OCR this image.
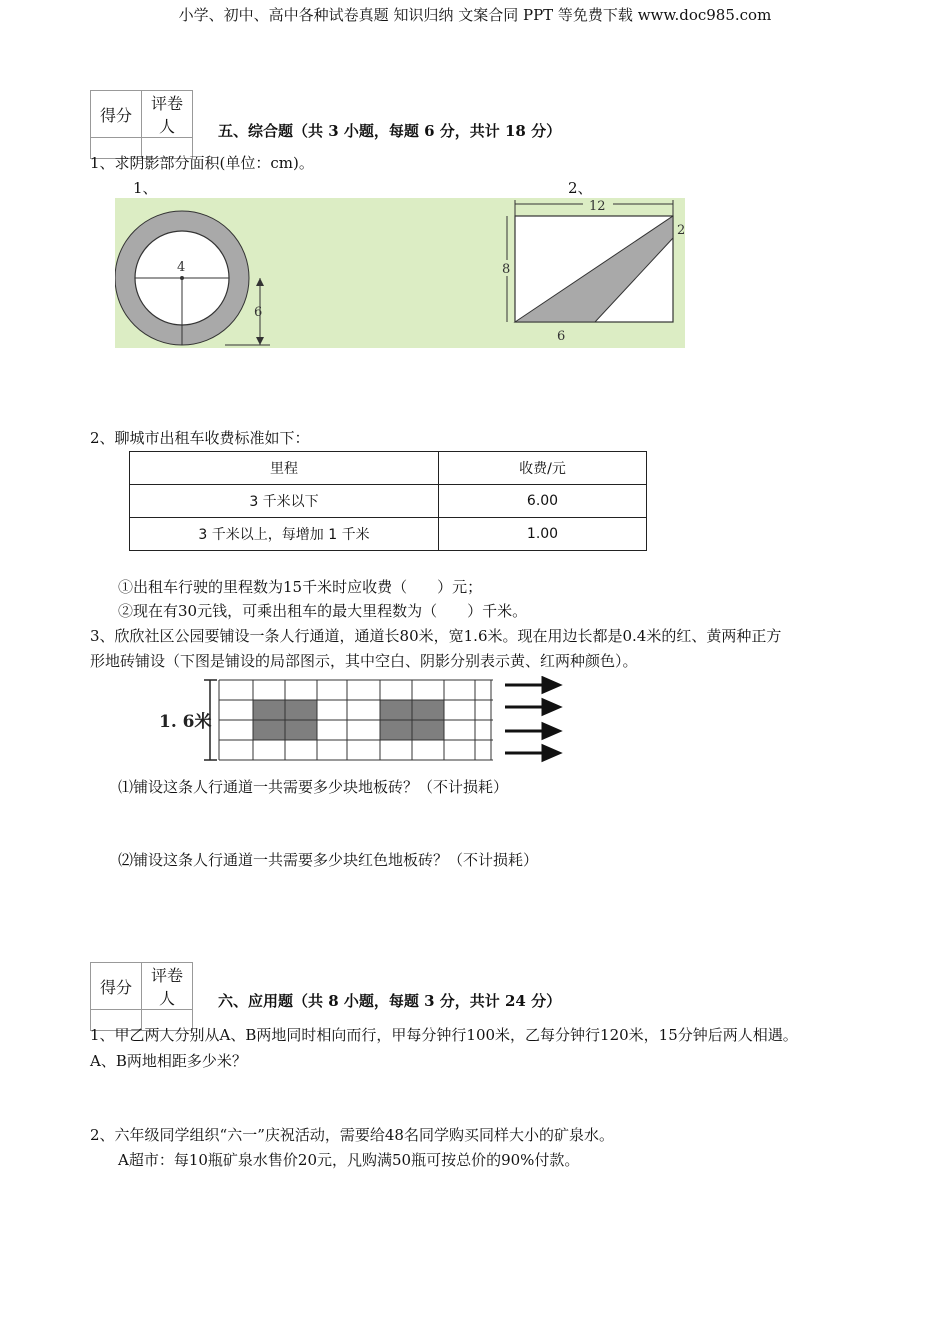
小学、初中、高中各种试卷真题 知识归纳 文案合同 PPT 等免费下载 www.doc985.com
得分	评卷人
		五、综合题（共 3 小题，每题 6 分，共计 18 分）
1、求阴影部分面积(单位：cm)。
1、	2、
4
6
12
8
6
2
2、聊城市出租车收费标准如下：
里程	收费/元
3 千米以下	6.00
3 千米以上，每增加 1 千米	1.00
①出租车行驶的里程数为15千米时应收费（　　）元；
②现在有30元钱，可乘出租车的最大里程数为（　　）千米。
3、欣欣社区公园要铺设一条人行通道，通道长80米，宽1.6米。现在用边长都是0.4米的红、黄两种正方
形地砖铺设（下图是铺设的局部图示，其中空白、阴影分别表示黄、红两种颜色）。
1. 6米
⑴铺设这条人行通道一共需要多少块地板砖？（不计损耗）
⑵铺设这条人行通道一共需要多少块红色地板砖？（不计损耗）
得分	评卷人
		六、应用题（共 8 小题，每题 3 分，共计 24 分）
1、甲乙两人分别从A、B两地同时相向而行，甲每分钟行100米，乙每分钟行120米，15分钟后两人相遇。
A、B两地相距多少米？
2、六年级同学组织“六一”庆祝活动，需要给48名同学购买同样大小的矿泉水。
A超市：每10瓶矿泉水售价20元，凡购满50瓶可按总价的90%付款。
